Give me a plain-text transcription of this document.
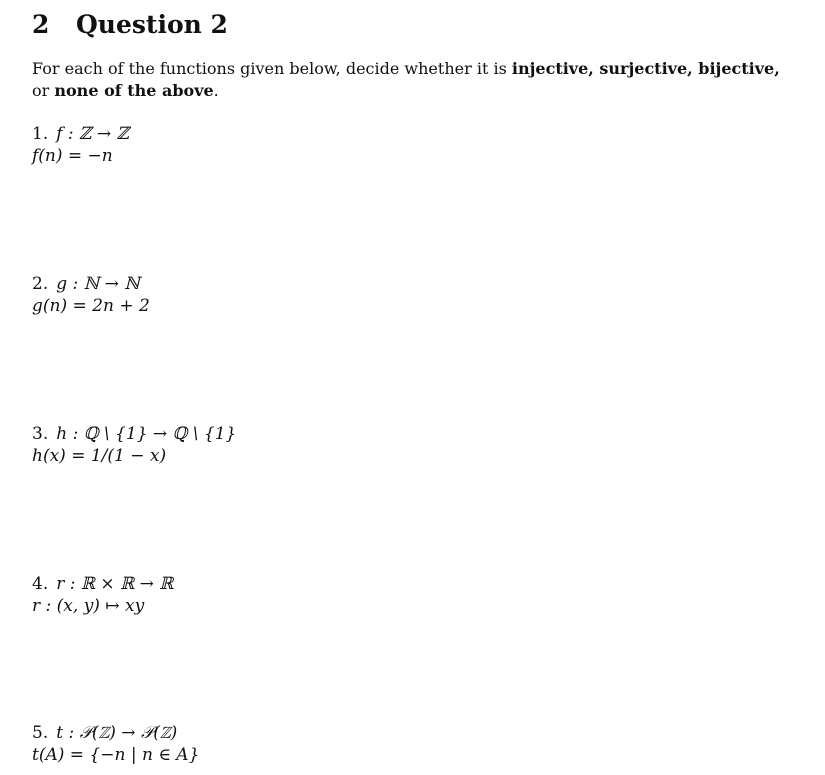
2 Question 2
For each of the functions given below, decide whether it is injective, surjective, bijective, or none of the above.
1. f : ℤ → ℤ
f(n) = −n
2. g : ℕ → ℕ
g(n) = 2n + 2
3. h : ℚ \ {1} → ℚ \ {1}
h(x) = 1/(1 − x)
4. r : ℝ × ℝ → ℝ
r : (x, y) ↦ xy
5. t : 𝒫(ℤ) → 𝒫(ℤ)
t(A) = {−n | n ∈ A}
